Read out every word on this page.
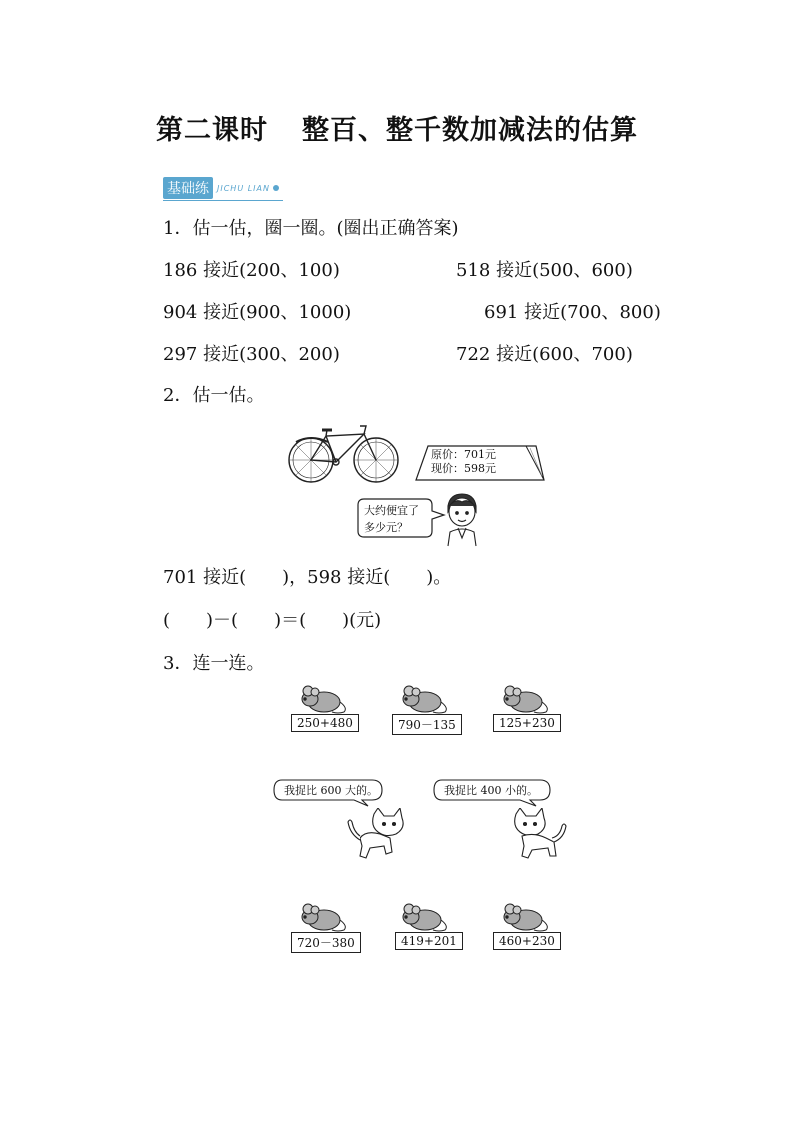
第二课时 整百、整千数加减法的估算
基础练	JICHU LIAN
1．估一估，圈一圈。(圈出正确答案)
186 接近(200、100)	518 接近(500、600)
904 接近(900、1000)	691 接近(700、800)
297 接近(300、200)	722 接近(600、700)
2．估一估。
原价：701元
现价：598元
大约便宜了
多少元？
701 接近(　　)，598 接近(　　)。
(　　)－(　　)＝(　　)(元)
3．连一连。
250+480	790－135	125+230
我捉比 600 大的。	我捉比 400 小的。
720－380	419+201	460+230
